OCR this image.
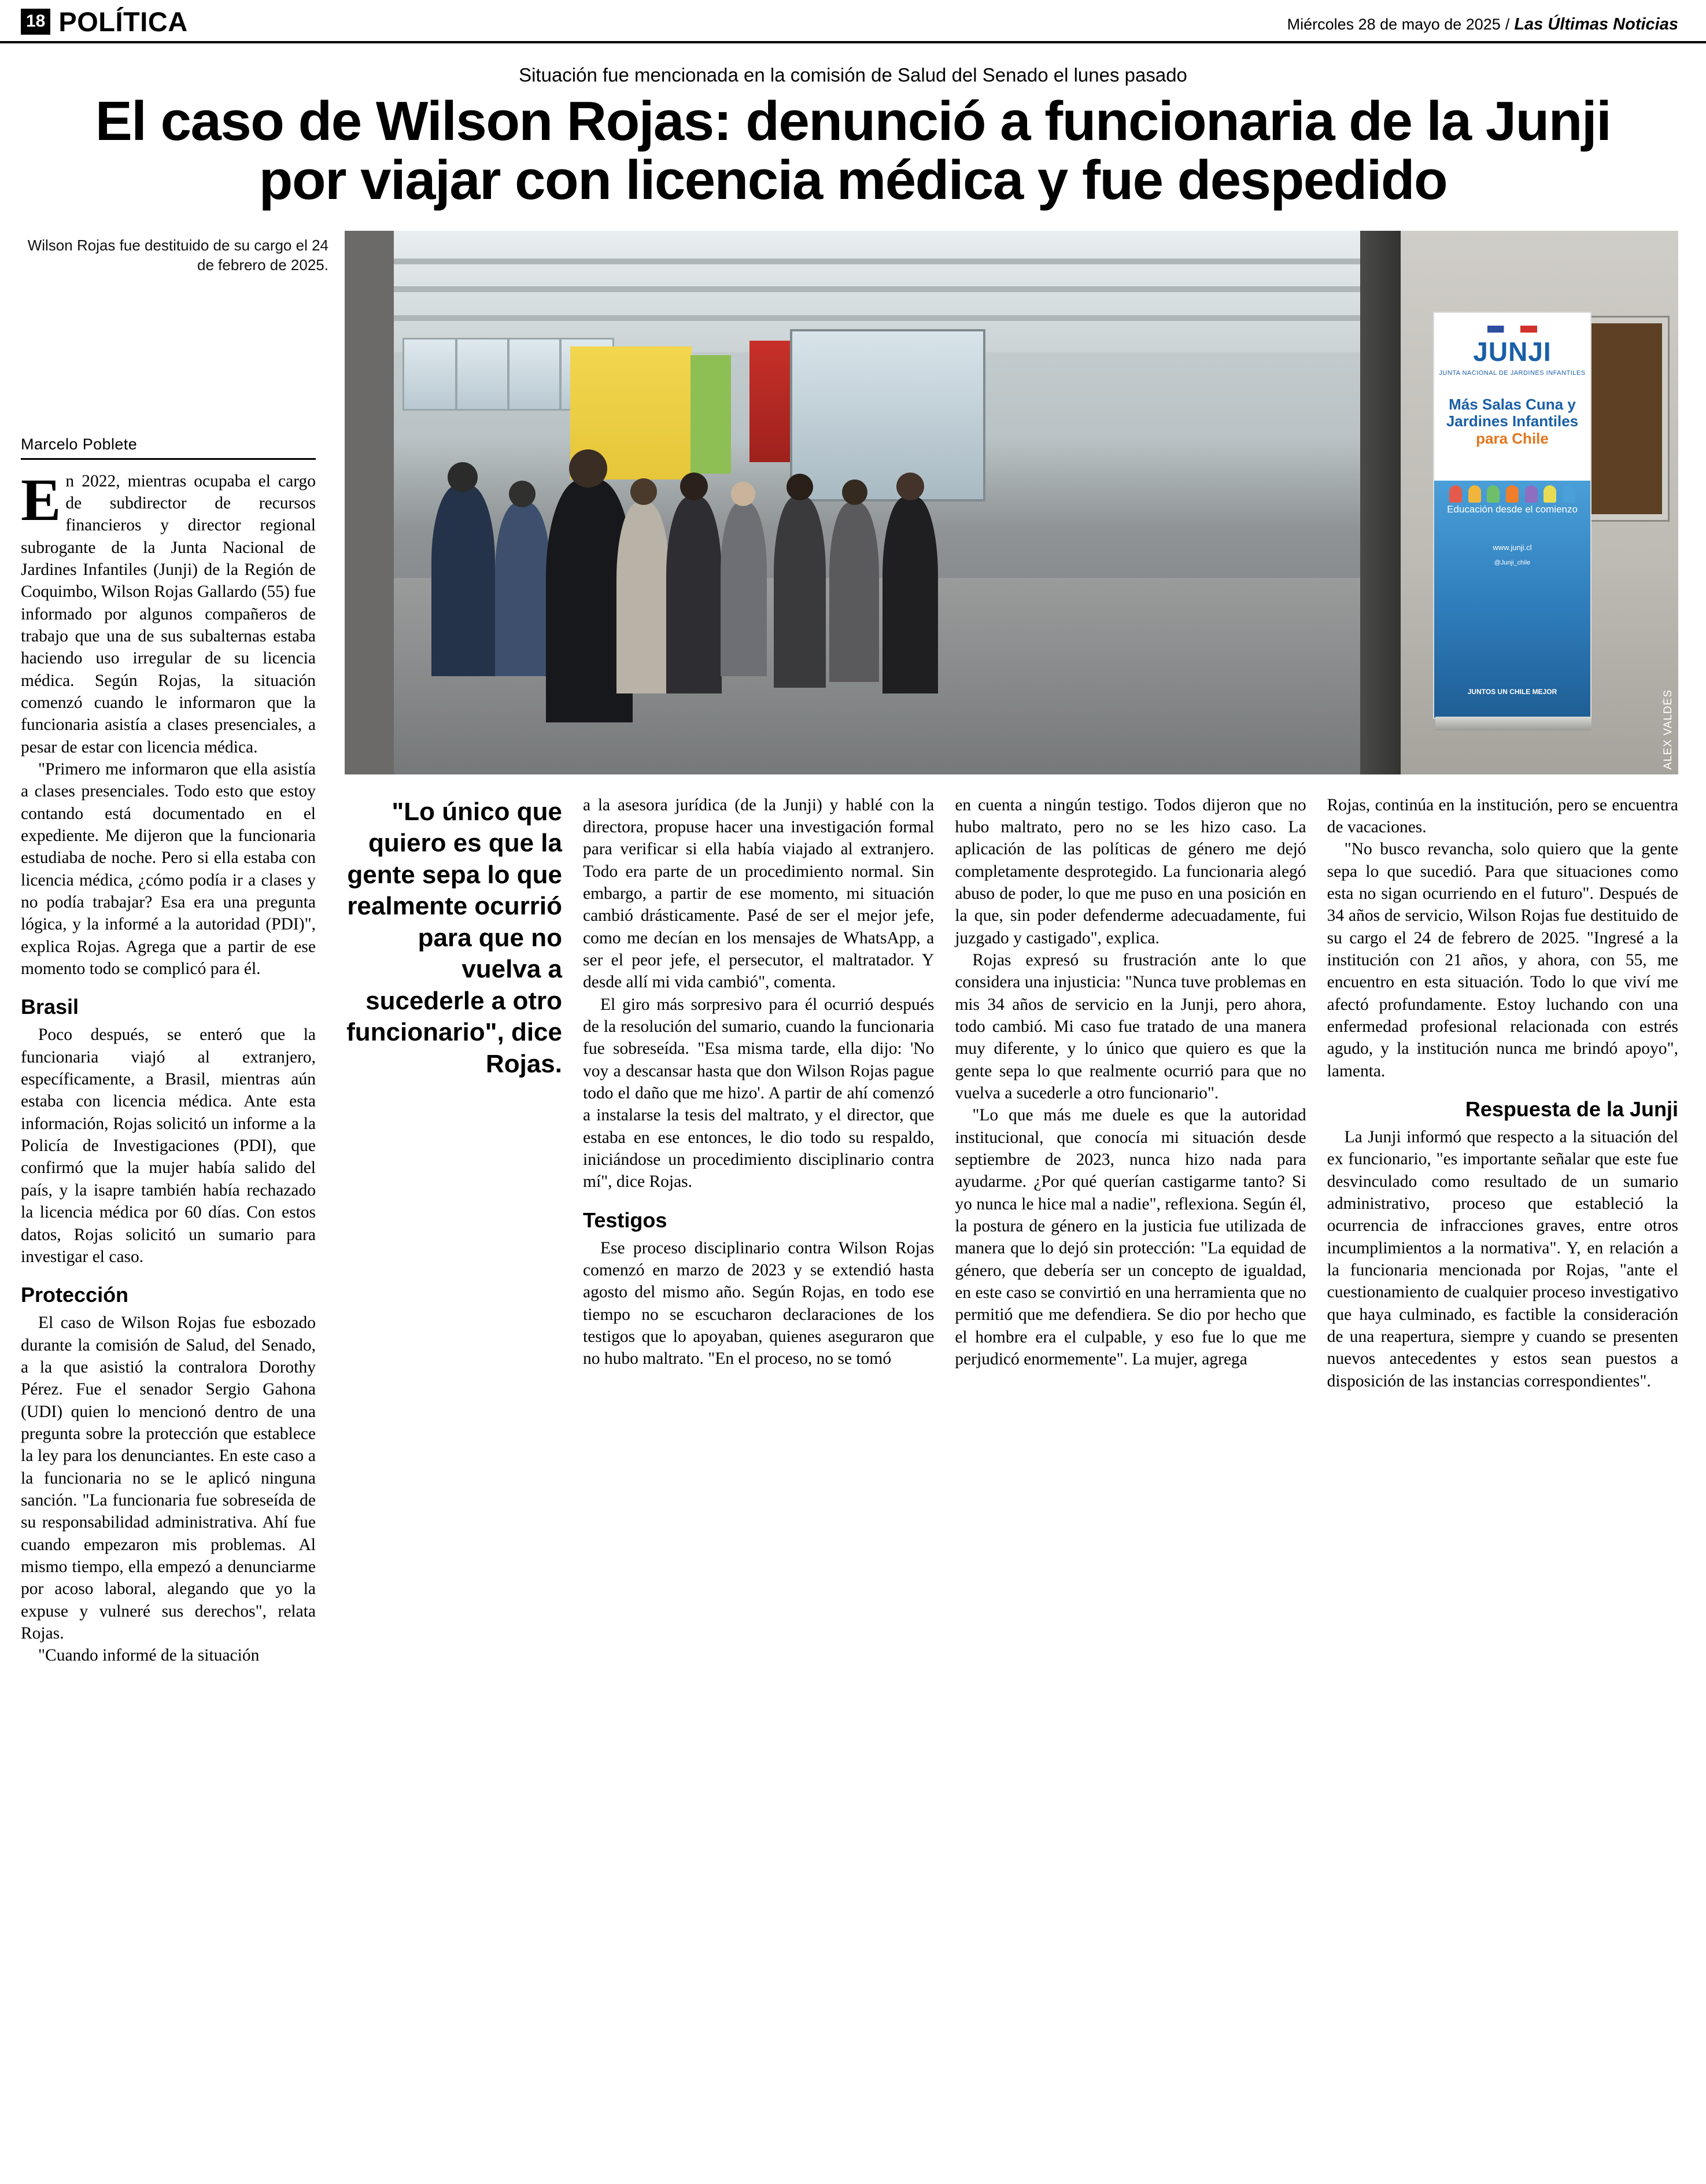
18 POLÍTICA	Miércoles 28 de mayo de 2025 / Las Últimas Noticias
Situación fue mencionada en la comisión de Salud del Senado el lunes pasado
El caso de Wilson Rojas: denunció a funcionaria de la Junji por viajar con licencia médica y fue despedido
Wilson Rojas fue destituido de su cargo el 24 de febrero de 2025.
JUNJI
JUNTA NACIONAL DE JARDINES INFANTILES
Más Salas Cuna y
Jardines Infantiles
para Chile
Educación desde el comienzo
www.junji.cl
@Junji_chile
JUNTOS UN CHILE MEJOR	ALEX VALDÉS
Marcelo Poblete

En 2022, mientras ocupaba el cargo de subdirector de recursos financieros y director regional subrogante de la Junta Nacional de Jardines Infantiles (Junji) de la Región de Coquimbo, Wilson Rojas Gallardo (55) fue informado por algunos compañeros de trabajo que una de sus subalternas estaba haciendo uso irregular de su licencia médica. Según Rojas, la situación comenzó cuando le informaron que la funcionaria asistía a clases presenciales, a pesar de estar con licencia médica.

"Primero me informaron que ella asistía a clases presenciales. Todo esto que estoy contando está documentado en el expediente. Me dijeron que la funcionaria estudiaba de noche. Pero si ella estaba con licencia médica, ¿cómo podía ir a clases y no podía trabajar? Esa era una pregunta lógica, y la informé a la autoridad (PDI)", explica Rojas. Agrega que a partir de ese momento todo se complicó para él.

Brasil

Poco después, se enteró que la funcionaria viajó al extranjero, específicamente, a Brasil, mientras aún estaba con licencia médica. Ante esta información, Rojas solicitó un informe a la Policía de Investigaciones (PDI), que confirmó que la mujer había salido del país, y la isapre también había rechazado la licencia médica por 60 días. Con estos datos, Rojas solicitó un sumario para investigar el caso.

Protección

El caso de Wilson Rojas fue esbozado durante la comisión de Salud, del Senado, a la que asistió la contralora Dorothy Pérez. Fue el senador Sergio Gahona (UDI) quien lo mencionó dentro de una pregunta sobre la protección que establece la ley para los denunciantes. En este caso a la funcionaria no se le aplicó ninguna sanción. "La funcionaria fue sobreseída de su responsabilidad administrativa. Ahí fue cuando empezaron mis problemas. Al mismo tiempo, ella empezó a denunciarme por acoso laboral, alegando que yo la expuse y vulneré sus derechos", relata Rojas.

"Cuando informé de la situación

"Lo único que quiero es que la gente sepa lo que realmente ocurrió para que no vuelva a sucederle a otro funcionario", dice Rojas.

a la asesora jurídica (de la Junji) y hablé con la directora, propuse hacer una investigación formal para verificar si ella había viajado al extranjero. Todo era parte de un procedimiento normal. Sin embargo, a partir de ese momento, mi situación cambió drásticamente. Pasé de ser el mejor jefe, como me decían en los mensajes de WhatsApp, a ser el peor jefe, el persecutor, el maltratador. Y desde allí mi vida cambió", comenta.

El giro más sorpresivo para él ocurrió después de la resolución del sumario, cuando la funcionaria fue sobreseída. "Esa misma tarde, ella dijo: 'No voy a descansar hasta que don Wilson Rojas pague todo el daño que me hizo'. A partir de ahí comenzó a instalarse la tesis del maltrato, y el director, que estaba en ese entonces, le dio todo su respaldo, iniciándose un procedimiento disciplinario contra mí", dice Rojas.

Testigos

Ese proceso disciplinario contra Wilson Rojas comenzó en marzo de 2023 y se extendió hasta agosto del mismo año. Según Rojas, en todo ese tiempo no se escucharon declaraciones de los testigos que lo apoyaban, quienes aseguraron que no hubo maltrato. "En el proceso, no se tomó

en cuenta a ningún testigo. Todos dijeron que no hubo maltrato, pero no se les hizo caso. La aplicación de las políticas de género me dejó completamente desprotegido. La funcionaria alegó abuso de poder, lo que me puso en una posición en la que, sin poder defenderme adecuadamente, fui juzgado y castigado", explica.

Rojas expresó su frustración ante lo que considera una injusticia: "Nunca tuve problemas en mis 34 años de servicio en la Junji, pero ahora, todo cambió. Mi caso fue tratado de una manera muy diferente, y lo único que quiero es que la gente sepa lo que realmente ocurrió para que no vuelva a sucederle a otro funcionario".

"Lo que más me duele es que la autoridad institucional, que conocía mi situación desde septiembre de 2023, nunca hizo nada para ayudarme. ¿Por qué querían castigarme tanto? Si yo nunca le hice mal a nadie", reflexiona. Según él, la postura de género en la justicia fue utilizada de manera que lo dejó sin protección: "La equidad de género, que debería ser un concepto de igualdad, en este caso se convirtió en una herramienta que no permitió que me defendiera. Se dio por hecho que el hombre era el culpable, y eso fue lo que me perjudicó enormemente". La mujer, agrega

Rojas, continúa en la institución, pero se encuentra de vacaciones.

"No busco revancha, solo quiero que la gente sepa lo que sucedió. Para que situaciones como esta no sigan ocurriendo en el futuro". Después de 34 años de servicio, Wilson Rojas fue destituido de su cargo el 24 de febrero de 2025. "Ingresé a la institución con 21 años, y ahora, con 55, me encuentro en esta situación. Todo lo que viví me afectó profundamente. Estoy luchando con una enfermedad profesional relacionada con estrés agudo, y la institución nunca me brindó apoyo", lamenta.

Respuesta de la Junji

La Junji informó que respecto a la situación del ex funcionario, "es importante señalar que este fue desvinculado como resultado de un sumario administrativo, proceso que estableció la ocurrencia de infracciones graves, entre otros incumplimientos a la normativa". Y, en relación a la funcionaria mencionada por Rojas, "ante el cuestionamiento de cualquier proceso investigativo que haya culminado, es factible la consideración de una reapertura, siempre y cuando se presenten nuevos antecedentes y estos sean puestos a disposición de las instancias correspondientes".
